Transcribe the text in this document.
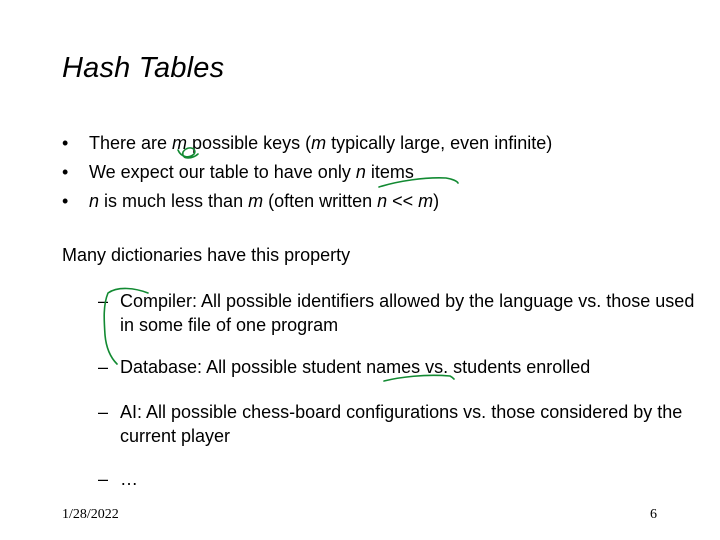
Hash Tables
• There are m possible keys (m typically large, even infinite)
• We expect our table to have only n items
• n is much less than m (often written n << m)

Many dictionaries have this property

– Compiler: All possible identifiers allowed by the language vs. those used in some file of one program
– Database: All possible student names vs. students enrolled
– AI: All possible chess-board configurations vs. those considered by the current player
– …
1/28/2022	6
